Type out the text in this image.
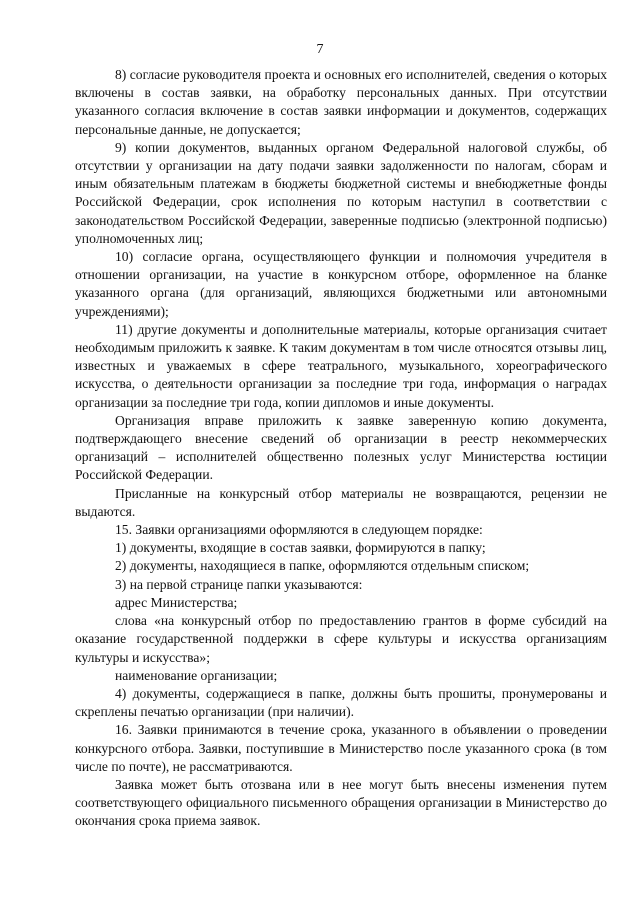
7

8) согласие руководителя проекта и основных его исполнителей, сведения о которых включены в состав заявки, на обработку персональных данных. При отсутствии указанного согласия включение в состав заявки информации и документов, содержащих персональные данные, не допускается;

9) копии документов, выданных органом Федеральной налоговой службы, об отсутствии у организации на дату подачи заявки задолженности по налогам, сборам и иным обязательным платежам в бюджеты бюджетной системы и внебюджетные фонды Российской Федерации, срок исполнения по которым наступил в соответствии с законодательством Российской Федерации, заверенные подписью (электронной подписью) уполномоченных лиц;

10) согласие органа, осуществляющего функции и полномочия учредителя в отношении организации, на участие в конкурсном отборе, оформленное на бланке указанного органа (для организаций, являющихся бюджетными или автономными учреждениями);

11) другие документы и дополнительные материалы, которые организация считает необходимым приложить к заявке. К таким документам в том числе относятся отзывы лиц, известных и уважаемых в сфере театрального, музыкального, хореографического искусства, о деятельности организации за последние три года, информация о наградах организации за последние три года, копии дипломов и иные документы.

Организация вправе приложить к заявке заверенную копию документа, подтверждающего внесение сведений об организации в реестр некоммерческих организаций – исполнителей общественно полезных услуг Министерства юстиции Российской Федерации.

Присланные на конкурсный отбор материалы не возвращаются, рецензии не выдаются.

15. Заявки организациями оформляются в следующем порядке:

1) документы, входящие в состав заявки, формируются в папку;

2) документы, находящиеся в папке, оформляются отдельным списком;

3) на первой странице папки указываются:

адрес Министерства;

слова «на конкурсный отбор по предоставлению грантов в форме субсидий на оказание государственной поддержки в сфере культуры и искусства организациям культуры и искусства»;

наименование организации;

4) документы, содержащиеся в папке, должны быть прошиты, пронумерованы и скреплены печатью организации (при наличии).

16. Заявки принимаются в течение срока, указанного в объявлении о проведении конкурсного отбора. Заявки, поступившие в Министерство после указанного срока (в том числе по почте), не рассматриваются.

Заявка может быть отозвана или в нее могут быть внесены изменения путем соответствующего официального письменного обращения организации в Министерство до окончания срока приема заявок.
